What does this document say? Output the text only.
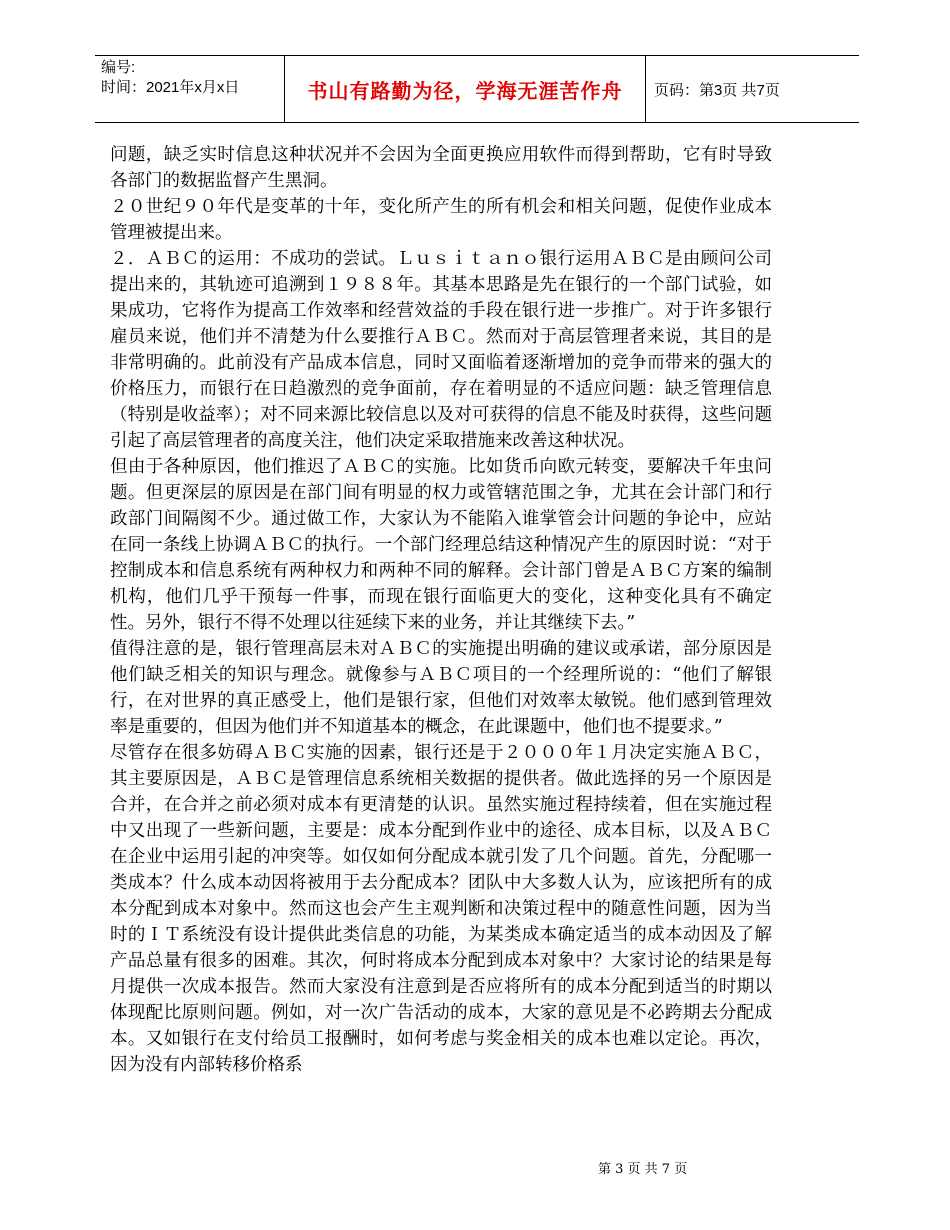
编号:
时间：2021年x月x日	书山有路勤为径，学海无涯苦作舟	页码：第3页 共7页

问题，缺乏实时信息这种状况并不会因为全面更换应用软件而得到帮助，它有时导致各部门的数据监督产生黑洞。

２０世纪９０年代是变革的十年，变化所产生的所有机会和相关问题，促使作业成本管理被提出来。

２．ＡＢＣ的运用：不成功的尝试。Ｌｕｓｉｔａｎｏ银行运用ＡＢＣ是由顾问公司提出来的，其轨迹可追溯到１９８８年。其基本思路是先在银行的一个部门试验，如果成功，它将作为提高工作效率和经营效益的手段在银行进一步推广。对于许多银行雇员来说，他们并不清楚为什么要推行ＡＢＣ。然而对于高层管理者来说，其目的是非常明确的。此前没有产品成本信息，同时又面临着逐渐增加的竞争而带来的强大的价格压力，而银行在日趋激烈的竞争面前，存在着明显的不适应问题：缺乏管理信息（特别是收益率）；对不同来源比较信息以及对可获得的信息不能及时获得，这些问题引起了高层管理者的高度关注，他们决定采取措施来改善这种状况。

但由于各种原因，他们推迟了ＡＢＣ的实施。比如货币向欧元转变，要解决千年虫问题。但更深层的原因是在部门间有明显的权力或管辖范围之争，尤其在会计部门和行政部门间隔阂不少。通过做工作，大家认为不能陷入谁掌管会计问题的争论中，应站在同一条线上协调ＡＢＣ的执行。一个部门经理总结这种情况产生的原因时说：“对于控制成本和信息系统有两种权力和两种不同的解释。会计部门曾是ＡＢＣ方案的编制机构，他们几乎干预每一件事，而现在银行面临更大的变化，这种变化具有不确定性。另外，银行不得不处理以往延续下来的业务，并让其继续下去。”

值得注意的是，银行管理高层未对ＡＢＣ的实施提出明确的建议或承诺，部分原因是他们缺乏相关的知识与理念。就像参与ＡＢＣ项目的一个经理所说的：“他们了解银行，在对世界的真正感受上，他们是银行家，但他们对效率太敏锐。他们感到管理效率是重要的，但因为他们并不知道基本的概念，在此课题中，他们也不提要求。”

尽管存在很多妨碍ＡＢＣ实施的因素，银行还是于２０００年１月决定实施ＡＢＣ，其主要原因是，ＡＢＣ是管理信息系统相关数据的提供者。做此选择的另一个原因是合并，在合并之前必须对成本有更清楚的认识。虽然实施过程持续着，但在实施过程中又出现了一些新问题，主要是：成本分配到作业中的途径、成本目标，以及ＡＢＣ在企业中运用引起的冲突等。如仅如何分配成本就引发了几个问题。首先，分配哪一类成本？什么成本动因将被用于去分配成本？团队中大多数人认为，应该把所有的成本分配到成本对象中。然而这也会产生主观判断和决策过程中的随意性问题，因为当时的ＩＴ系统没有设计提供此类信息的功能，为某类成本确定适当的成本动因及了解产品总量有很多的困难。其次，何时将成本分配到成本对象中？大家讨论的结果是每月提供一次成本报告。然而大家没有注意到是否应将所有的成本分配到适当的时期以体现配比原则问题。例如，对一次广告活动的成本，大家的意见是不必跨期去分配成本。又如银行在支付给员工报酬时，如何考虑与奖金相关的成本也难以定论。再次，因为没有内部转移价格系

第 3 页 共 7 页
